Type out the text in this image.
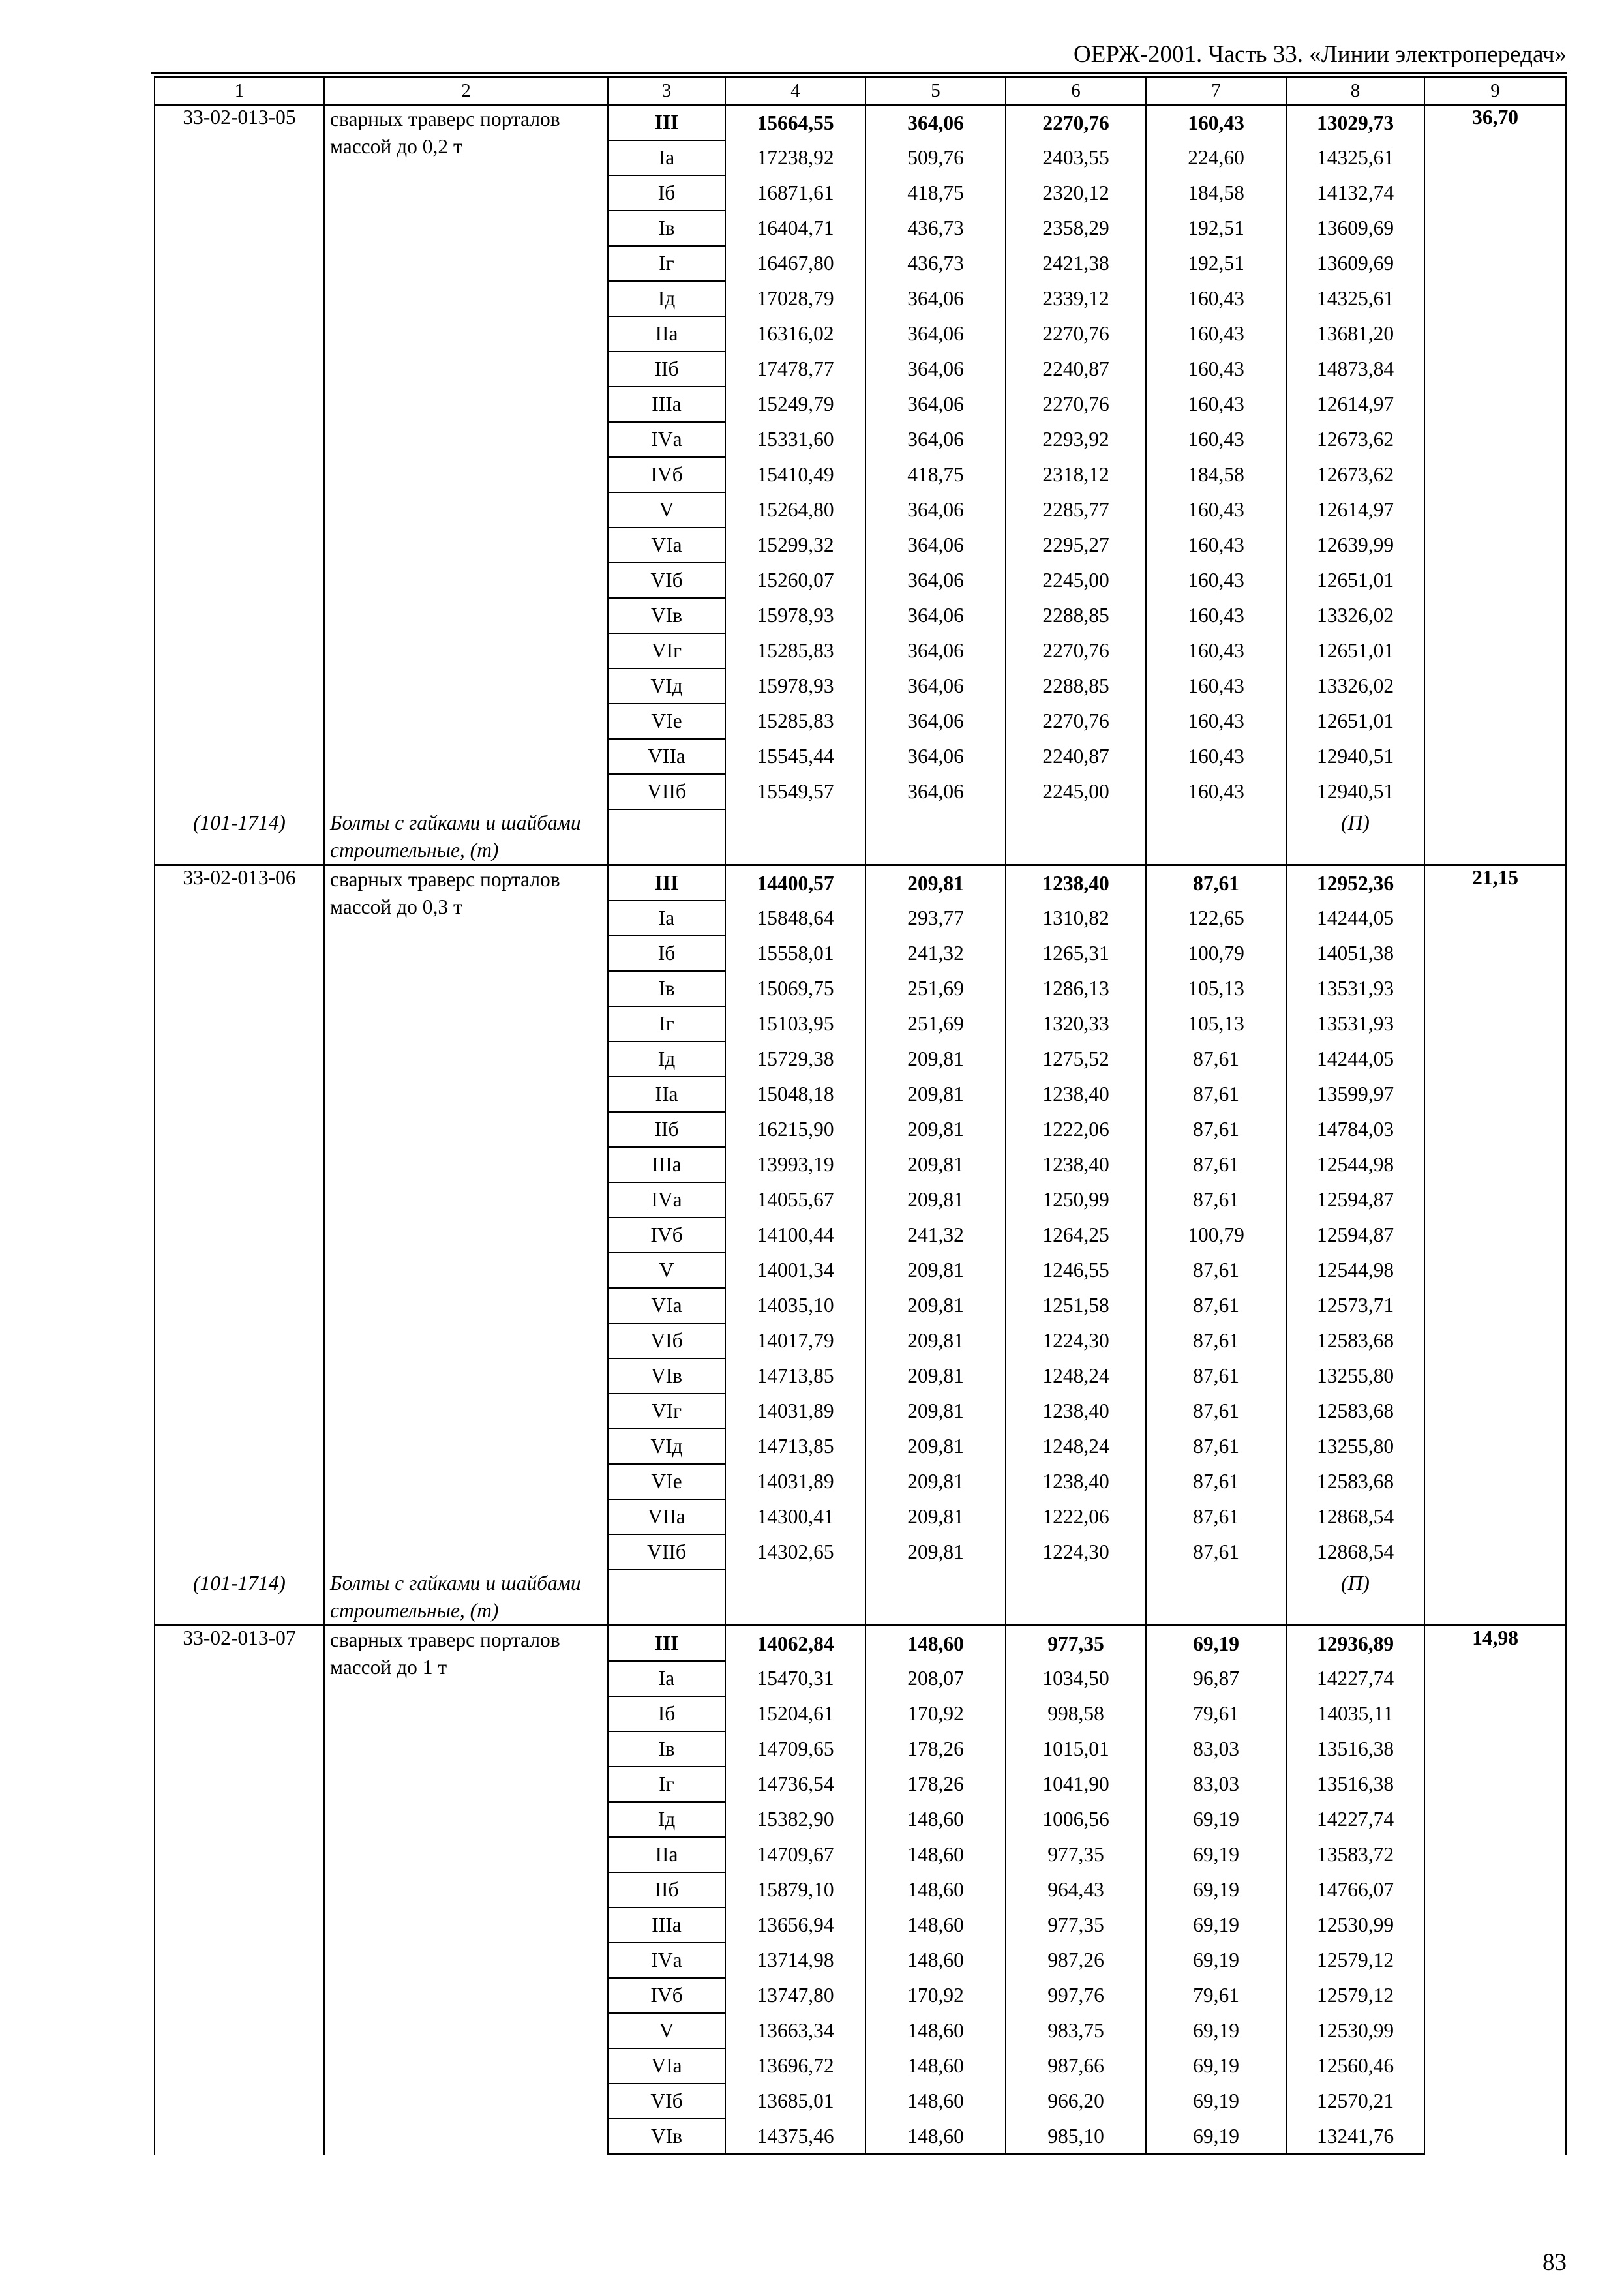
ОЕРЖ-2001. Часть 33. «Линии электропередач»
1	2	3	4	5	6	7	8	9
33-02-013-05	сварных траверс порталов массой до 0,2 т	III	15664,55	364,06	2270,76	160,43	13029,73	36,70
		Iа	17238,92	509,76	2403,55	224,60	14325,61	
		Iб	16871,61	418,75	2320,12	184,58	14132,74	
		Iв	16404,71	436,73	2358,29	192,51	13609,69	
		Iг	16467,80	436,73	2421,38	192,51	13609,69	
		Iд	17028,79	364,06	2339,12	160,43	14325,61	
		IIа	16316,02	364,06	2270,76	160,43	13681,20	
		IIб	17478,77	364,06	2240,87	160,43	14873,84	
		IIIа	15249,79	364,06	2270,76	160,43	12614,97	
		IVа	15331,60	364,06	2293,92	160,43	12673,62	
		IVб	15410,49	418,75	2318,12	184,58	12673,62	
		V	15264,80	364,06	2285,77	160,43	12614,97	
		VIа	15299,32	364,06	2295,27	160,43	12639,99	
		VIб	15260,07	364,06	2245,00	160,43	12651,01	
		VIв	15978,93	364,06	2288,85	160,43	13326,02	
		VIг	15285,83	364,06	2270,76	160,43	12651,01	
		VIд	15978,93	364,06	2288,85	160,43	13326,02	
		VIе	15285,83	364,06	2270,76	160,43	12651,01	
		VIIа	15545,44	364,06	2240,87	160,43	12940,51	
		VIIб	15549,57	364,06	2245,00	160,43	12940,51	
(101-1714)	Болты с гайками и шайбами строительные, (т)						(П)	
33-02-013-06	сварных траверс порталов массой до 0,3 т	III	14400,57	209,81	1238,40	87,61	12952,36	21,15
		Iа	15848,64	293,77	1310,82	122,65	14244,05	
		Iб	15558,01	241,32	1265,31	100,79	14051,38	
		Iв	15069,75	251,69	1286,13	105,13	13531,93	
		Iг	15103,95	251,69	1320,33	105,13	13531,93	
		Iд	15729,38	209,81	1275,52	87,61	14244,05	
		IIа	15048,18	209,81	1238,40	87,61	13599,97	
		IIб	16215,90	209,81	1222,06	87,61	14784,03	
		IIIа	13993,19	209,81	1238,40	87,61	12544,98	
		IVа	14055,67	209,81	1250,99	87,61	12594,87	
		IVб	14100,44	241,32	1264,25	100,79	12594,87	
		V	14001,34	209,81	1246,55	87,61	12544,98	
		VIа	14035,10	209,81	1251,58	87,61	12573,71	
		VIб	14017,79	209,81	1224,30	87,61	12583,68	
		VIв	14713,85	209,81	1248,24	87,61	13255,80	
		VIг	14031,89	209,81	1238,40	87,61	12583,68	
		VIд	14713,85	209,81	1248,24	87,61	13255,80	
		VIе	14031,89	209,81	1238,40	87,61	12583,68	
		VIIа	14300,41	209,81	1222,06	87,61	12868,54	
		VIIб	14302,65	209,81	1224,30	87,61	12868,54	
(101-1714)	Болты с гайками и шайбами строительные, (т)						(П)	
33-02-013-07	сварных траверс порталов массой до 1 т	III	14062,84	148,60	977,35	69,19	12936,89	14,98
		Iа	15470,31	208,07	1034,50	96,87	14227,74	
		Iб	15204,61	170,92	998,58	79,61	14035,11	
		Iв	14709,65	178,26	1015,01	83,03	13516,38	
		Iг	14736,54	178,26	1041,90	83,03	13516,38	
		Iд	15382,90	148,60	1006,56	69,19	14227,74	
		IIа	14709,67	148,60	977,35	69,19	13583,72	
		IIб	15879,10	148,60	964,43	69,19	14766,07	
		IIIа	13656,94	148,60	977,35	69,19	12530,99	
		IVа	13714,98	148,60	987,26	69,19	12579,12	
		IVб	13747,80	170,92	997,76	79,61	12579,12	
		V	13663,34	148,60	983,75	69,19	12530,99	
		VIа	13696,72	148,60	987,66	69,19	12560,46	
		VIб	13685,01	148,60	966,20	69,19	12570,21	
		VIв	14375,46	148,60	985,10	69,19	13241,76	
83
